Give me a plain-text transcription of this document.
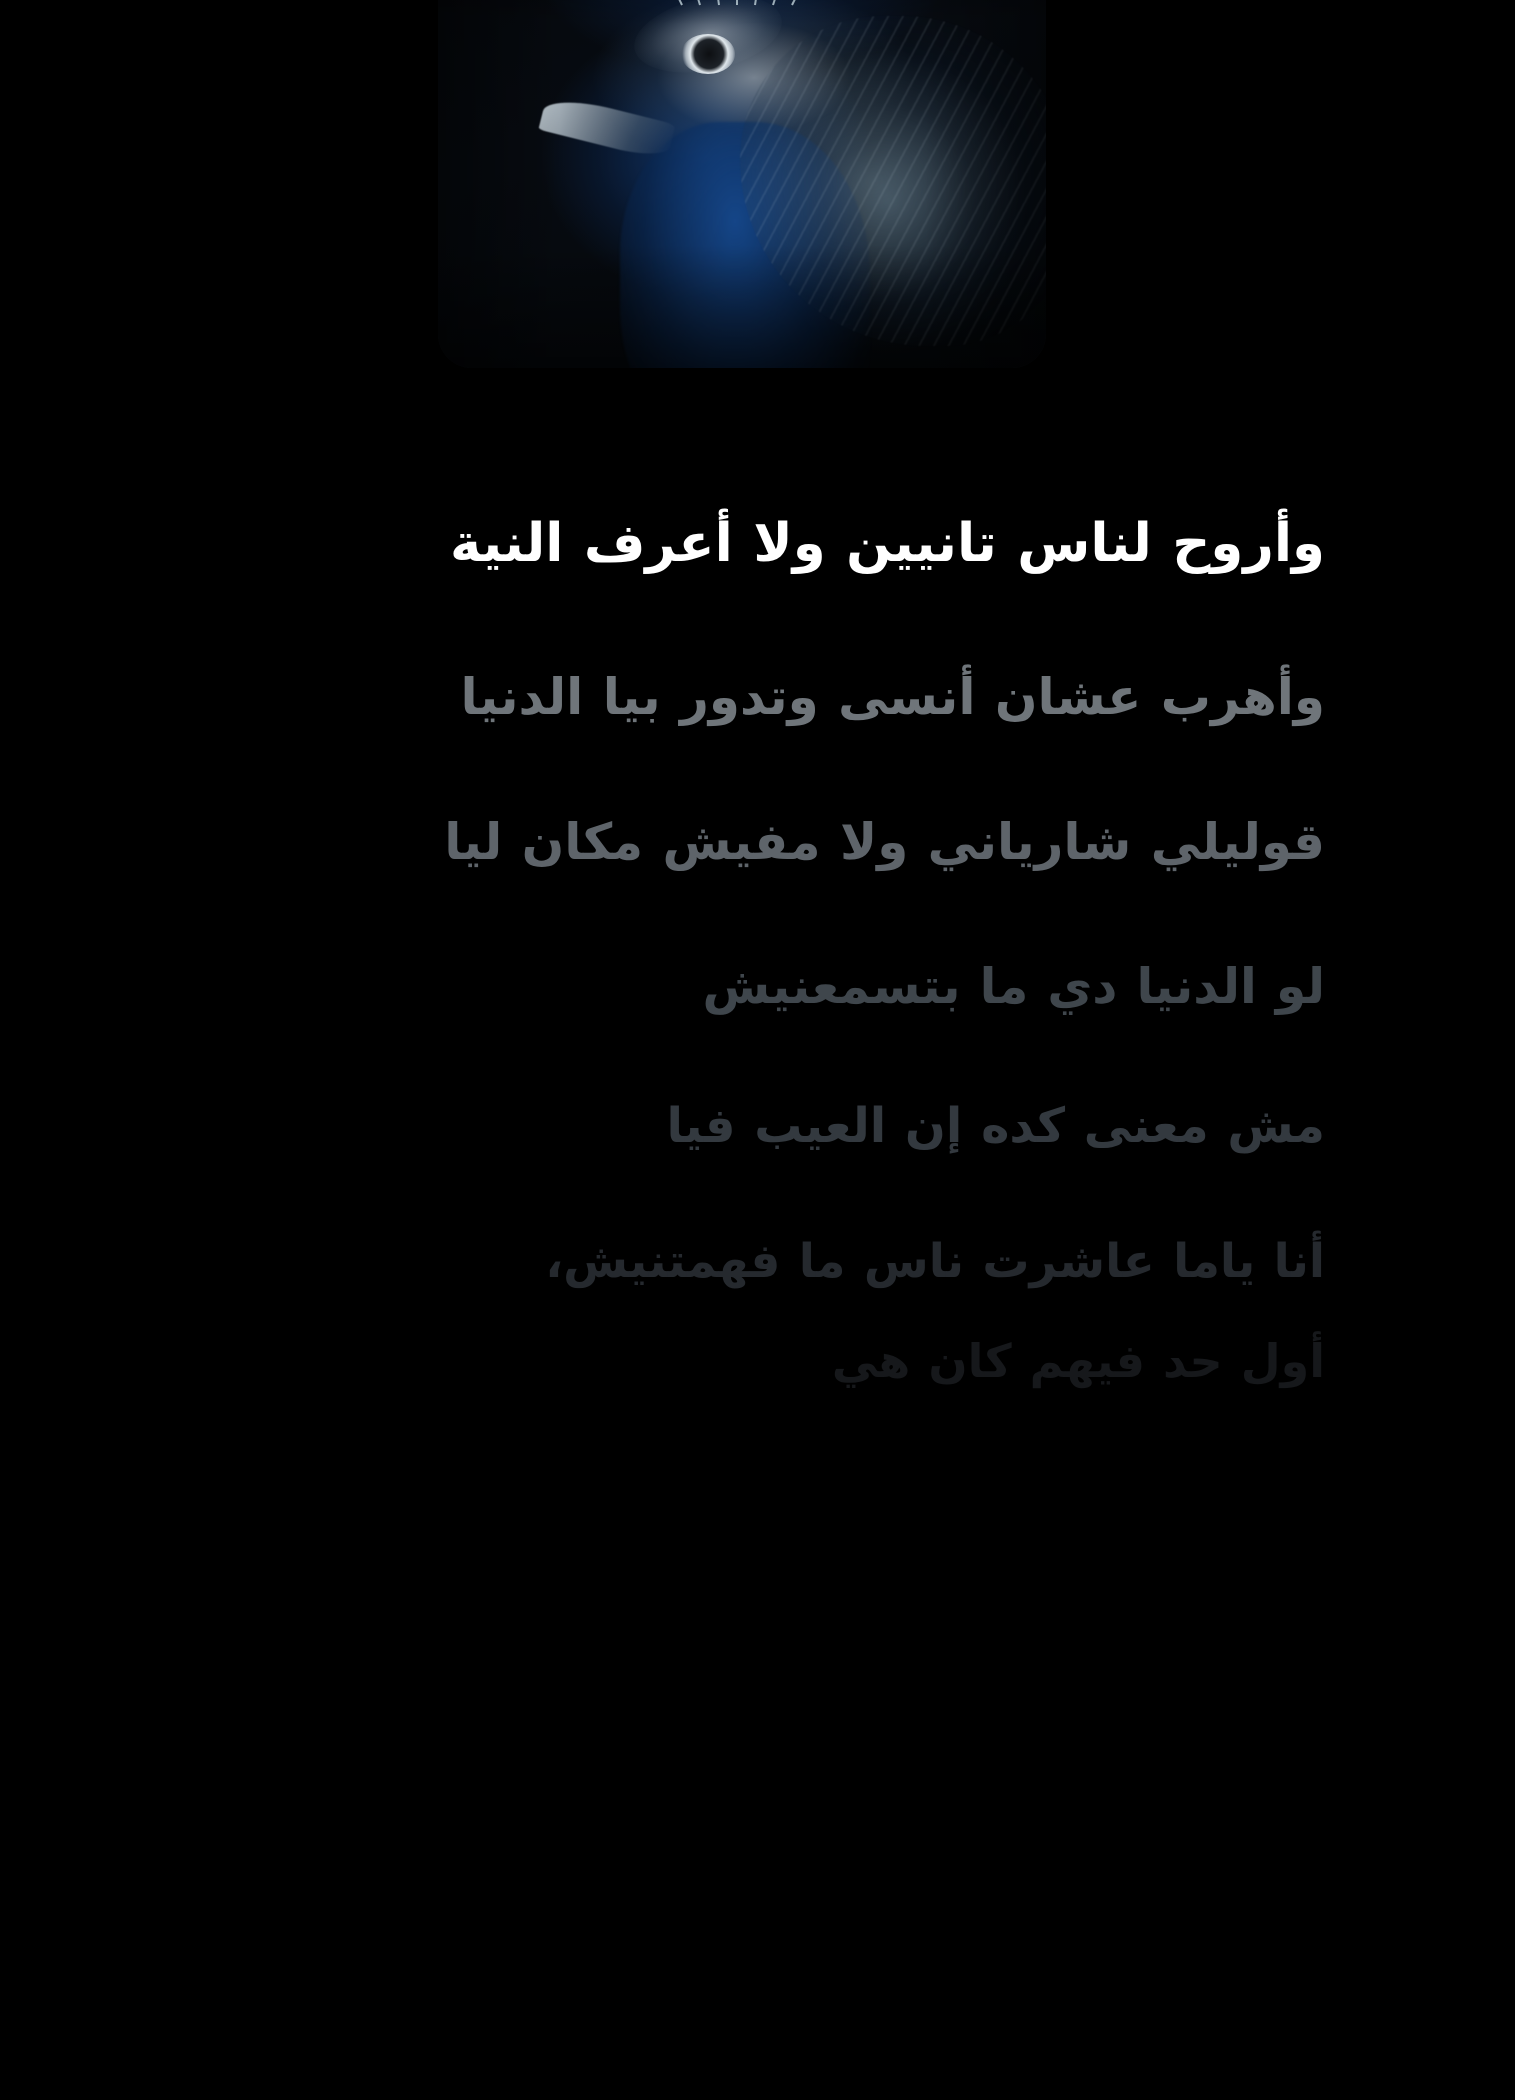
وأروح لناس تانيين ولا أعرف النية

وأهرب عشان أنسى وتدور بيا الدنيا

قوليلي شارياني ولا مفيش مكان ليا

لو الدنيا دي ما بتسمعنيش

مش معنى كده إن العيب فيا

أنا ياما عاشرت ناس ما فهمتنيش،

أول حد فيهم كان هي
